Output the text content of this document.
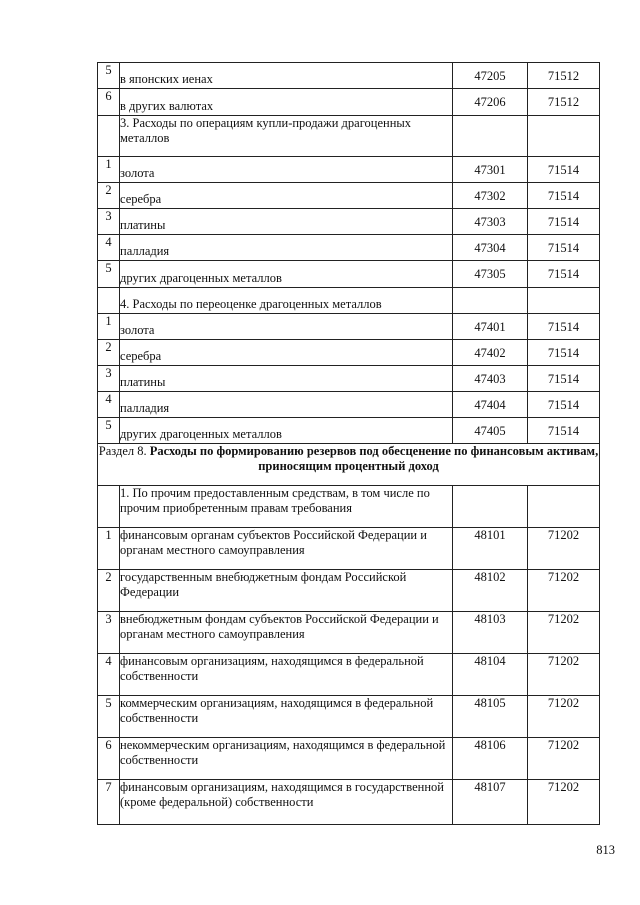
5	в японских иенах	47205	71512
6	в других валютах	47206	71512
	3. Расходы по операциям купли-продажи драгоценных металлов		
1	золота	47301	71514
2	серебра	47302	71514
3	платины	47303	71514
4	палладия	47304	71514
5	других драгоценных металлов	47305	71514
	4. Расходы по переоценке драгоценных металлов		
1	золота	47401	71514
2	серебра	47402	71514
3	платины	47403	71514
4	палладия	47404	71514
5	других драгоценных металлов	47405	71514
Раздел 8. Расходы по формированию резервов под обесценение по финансовым активам, приносящим процентный доход			
	1. По прочим предоставленным средствам, в том числе по прочим приобретенным правам требования		
1	финансовым органам субъектов Российской Федерации и органам местного самоуправления	48101	71202
2	государственным внебюджетным фондам Российской Федерации	48102	71202
3	внебюджетным фондам субъектов Российской Федерации и органам местного самоуправления	48103	71202
4	финансовым организациям, находящимся в федеральной собственности	48104	71202
5	коммерческим организациям, находящимся в федеральной собственности	48105	71202
6	некоммерческим организациям, находящимся в федеральной собственности	48106	71202
7	финансовым организациям, находящимся в государственной (кроме федеральной) собственности	48107	71202
813
